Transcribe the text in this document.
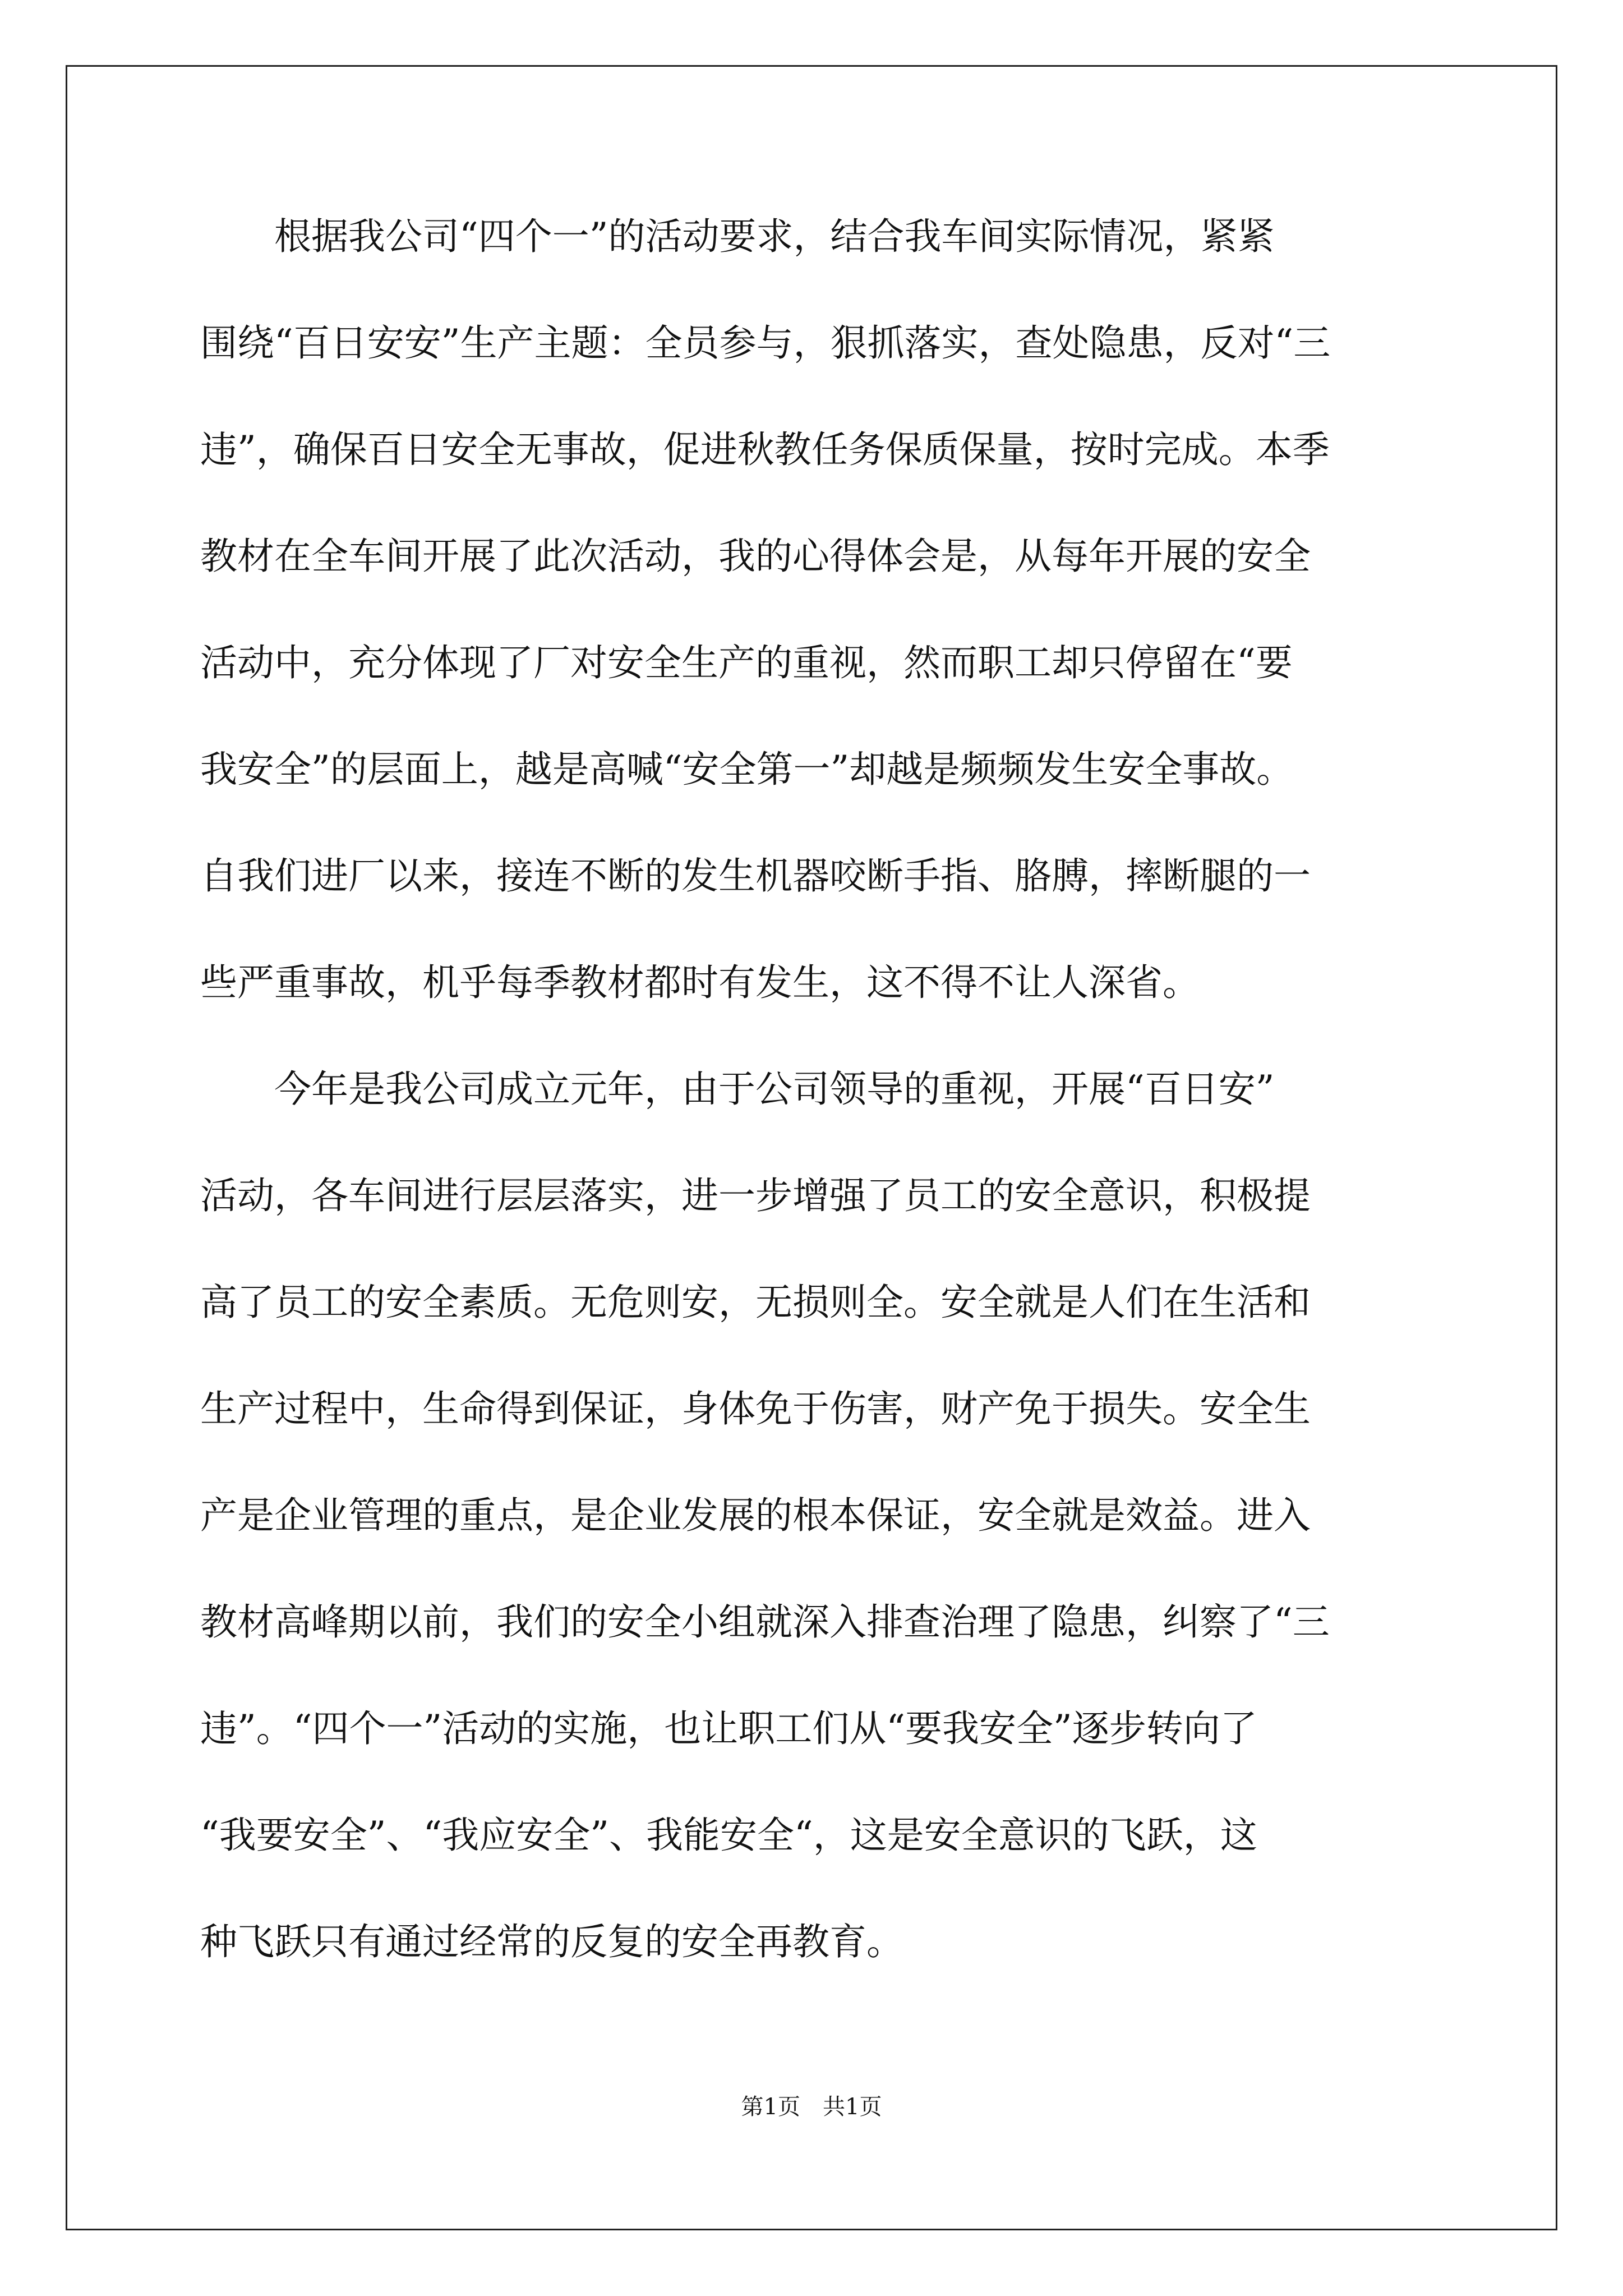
　　根据我公司“四个一”的活动要求，结合我车间实际情况，紧紧
围绕“百日安安”生产主题：全员参与，狠抓落实，查处隐患，反对“三
违”，确保百日安全无事故，促进秋教任务保质保量，按时完成。本季
教材在全车间开展了此次活动，我的心得体会是，从每年开展的安全
活动中，充分体现了厂对安全生产的重视，然而职工却只停留在“要
我安全”的层面上，越是高喊“安全第一”却越是频频发生安全事故。
自我们进厂以来，接连不断的发生机器咬断手指、胳膊，摔断腿的一
些严重事故，机乎每季教材都时有发生，这不得不让人深省。
　　今年是我公司成立元年，由于公司领导的重视，开展“百日安”
活动，各车间进行层层落实，进一步增强了员工的安全意识，积极提
高了员工的安全素质。无危则安，无损则全。安全就是人们在生活和
生产过程中，生命得到保证，身体免于伤害，财产免于损失。安全生
产是企业管理的重点，是企业发展的根本保证，安全就是效益。进入
教材高峰期以前，我们的安全小组就深入排查治理了隐患，纠察了“三
违”。“四个一”活动的实施，也让职工们从“要我安全”逐步转向了
“我要安全”、“我应安全”、我能安全“，这是安全意识的飞跃，这
种飞跃只有通过经常的反复的安全再教育。
第1页　共1页
